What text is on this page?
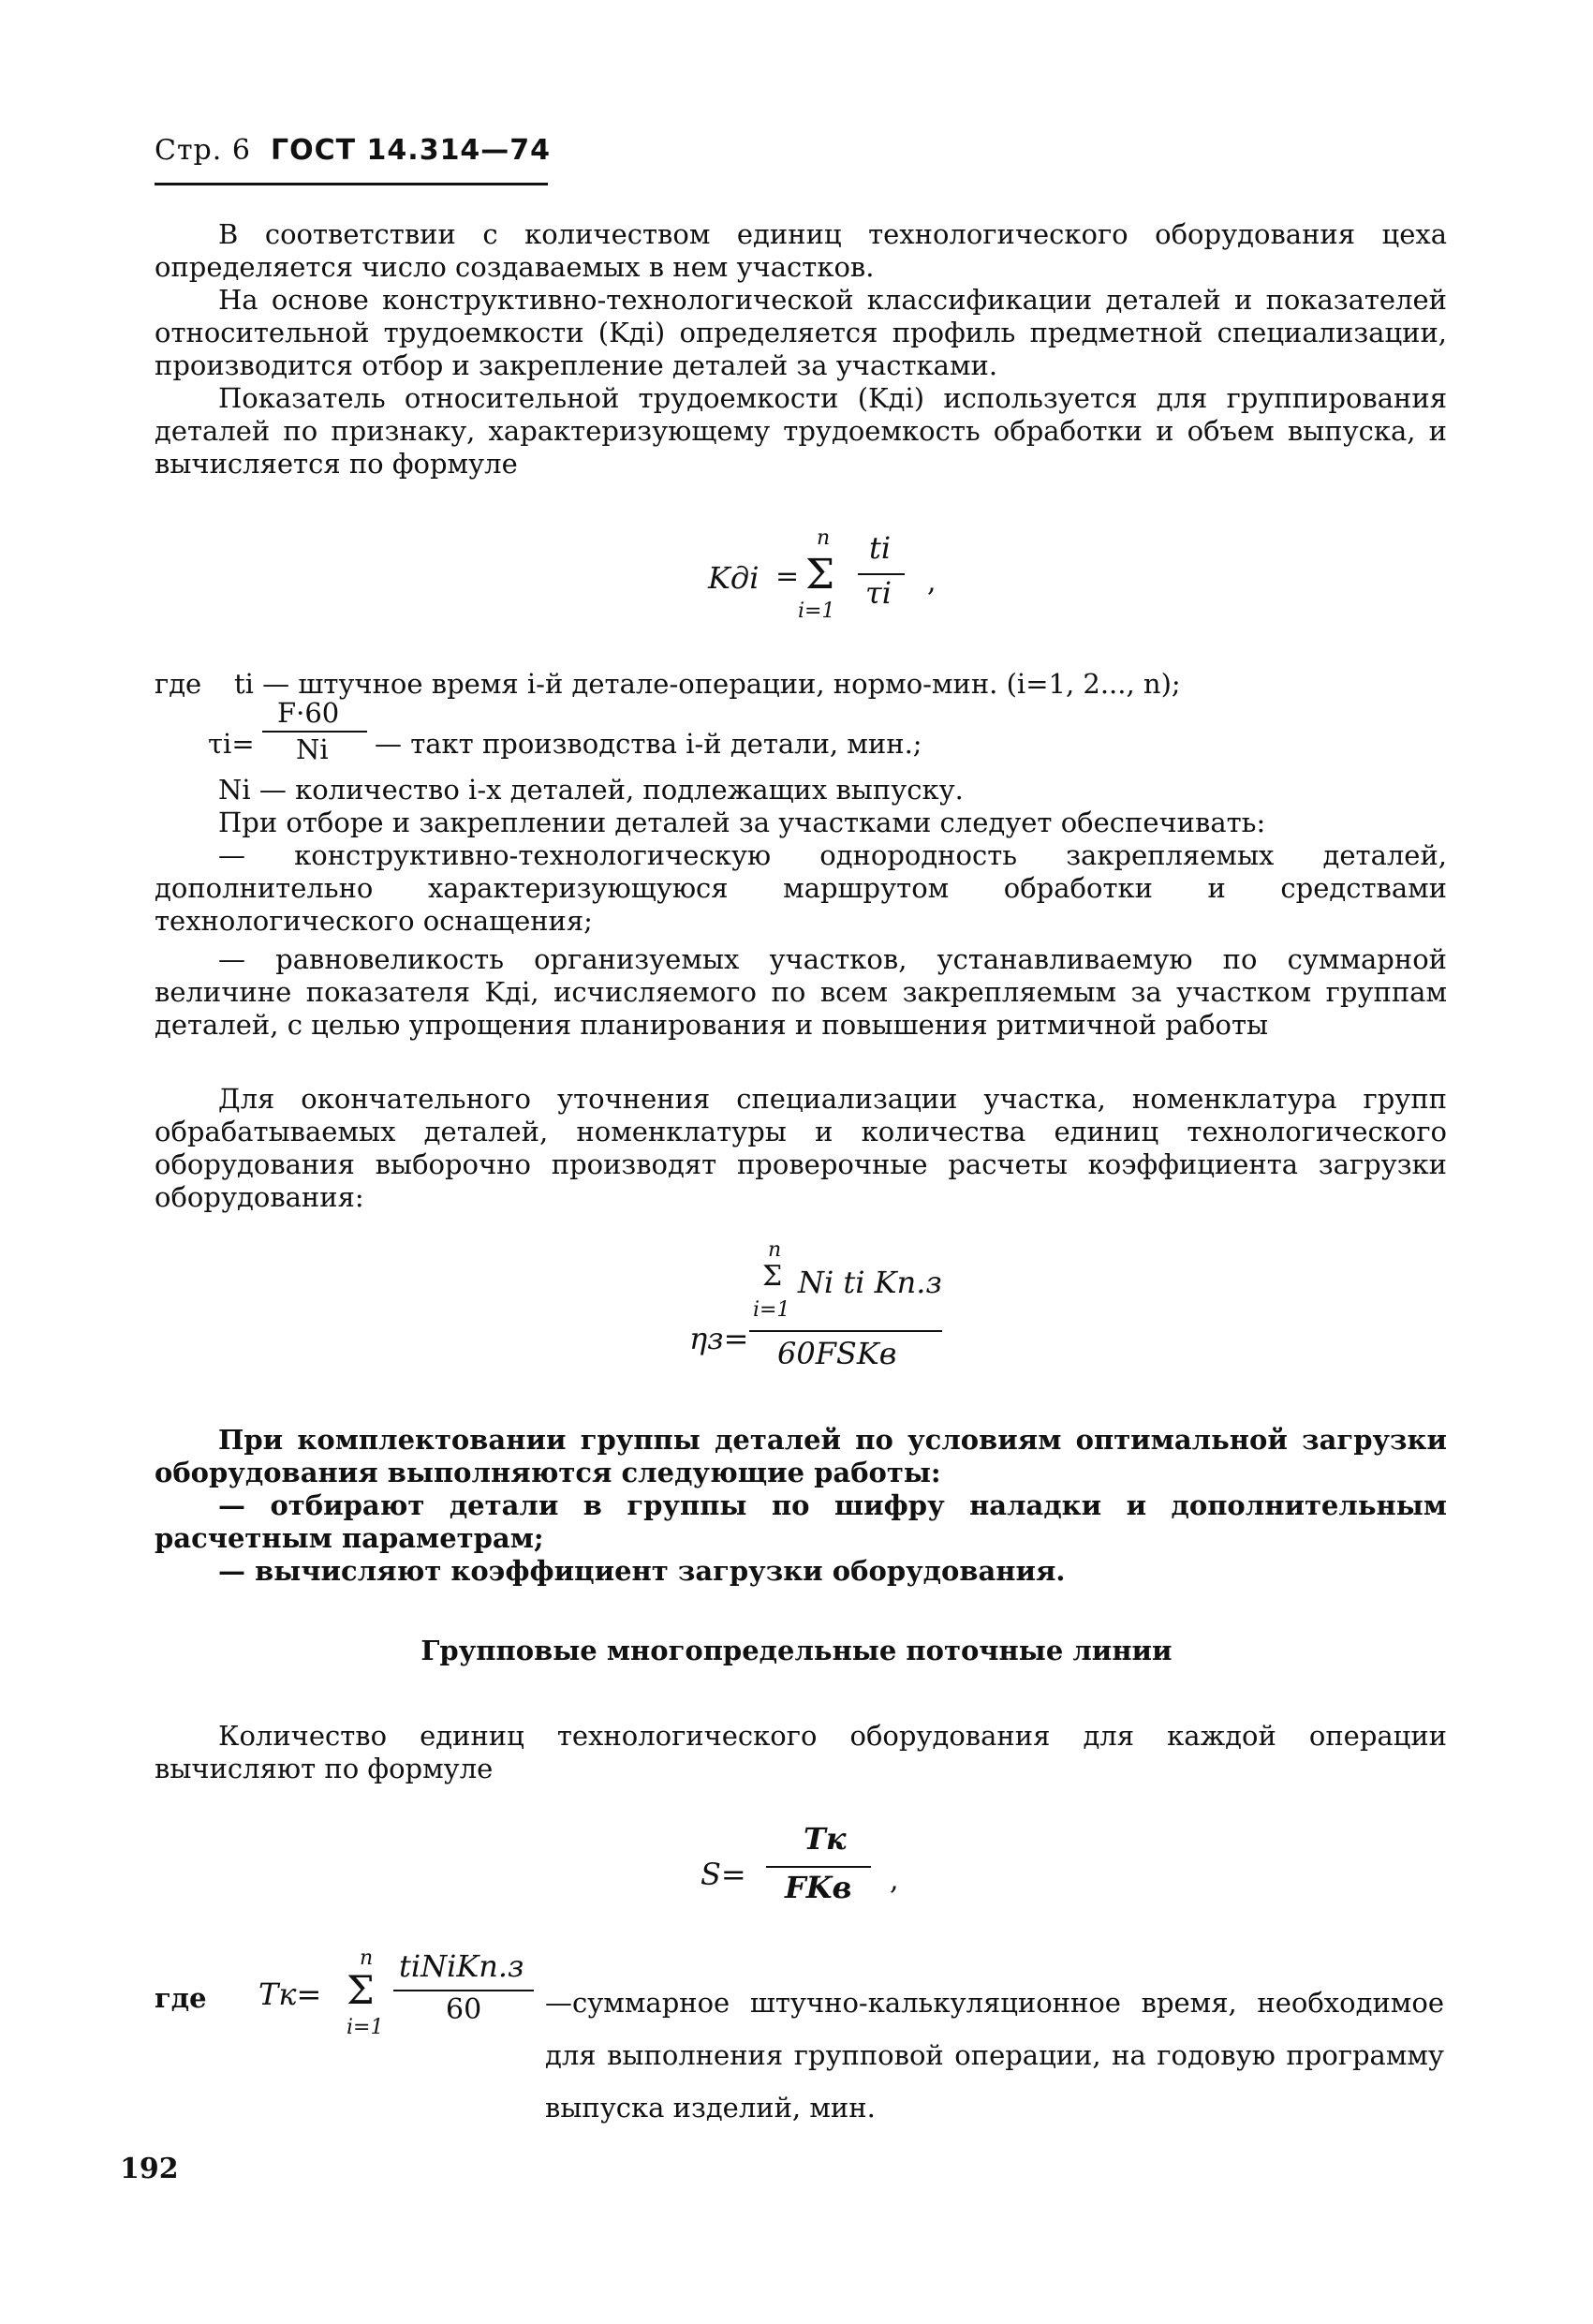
Стр. 6 ГОСТ 14.314—74
В соответствии с количеством единиц технологического оборудования цеха определяется число создаваемых в нем участков.
На основе конструктивно-технологической классификации деталей и показателей относительной трудоемкости (Kдi) определяется профиль предметной специализации, производится отбор и закрепление деталей за участками.
Показатель относительной трудоемкости (Kдi) используется для группирования деталей по признаку, характеризующему трудоемкость обработки и объем выпуска, и вычисляется по формуле
Kдi =
n
Σ
i=1
ti
τi ,
где ti — штучное время i-й детале-операции, нормо-мин. (i=1, 2..., n);
τi=
F·60
Ni — такт производства i-й детали, мин.;
Ni — количество i-х деталей, подлежащих выпуску.
При отборе и закреплении деталей за участками следует обеспечивать:
— конструктивно-технологическую однородность закрепляемых деталей, дополнительно характеризующуюся маршрутом обработки и средствами технологического оснащения;
— равновеликость организуемых участков, устанавливаемую по суммарной величине показателя Kдi, исчисляемого по всем закрепляемым за участком группам деталей, с целью упрощения планирования и повышения ритмичной работы
Для окончательного уточнения специализации участка, номенклатура групп обрабатываемых деталей, номенклатуры и количества единиц технологического оборудования выборочно производят проверочные расчеты коэффициента загрузки оборудования:
n
Σ
i=1
Ni ti Kп.з
ηз= 60FSKв
При комплектовании группы деталей по условиям оптимальной загрузки оборудования выполняются следующие работы:
— отбирают детали в группы по шифру наладки и дополнительным расчетным параметрам;
— вычисляют коэффициент загрузки оборудования.
Групповые многопредельные поточные линии
Количество единиц технологического оборудования для каждой операции вычисляют по формуле
S=
Tк
FKв ,
где Tк=
n
Σ
i=1
tiNiKп.з
60 —суммарное штучно-калькуляционное время, необходимое для выполнения групповой операции, на годовую программу выпуска изделий, мин.
192
